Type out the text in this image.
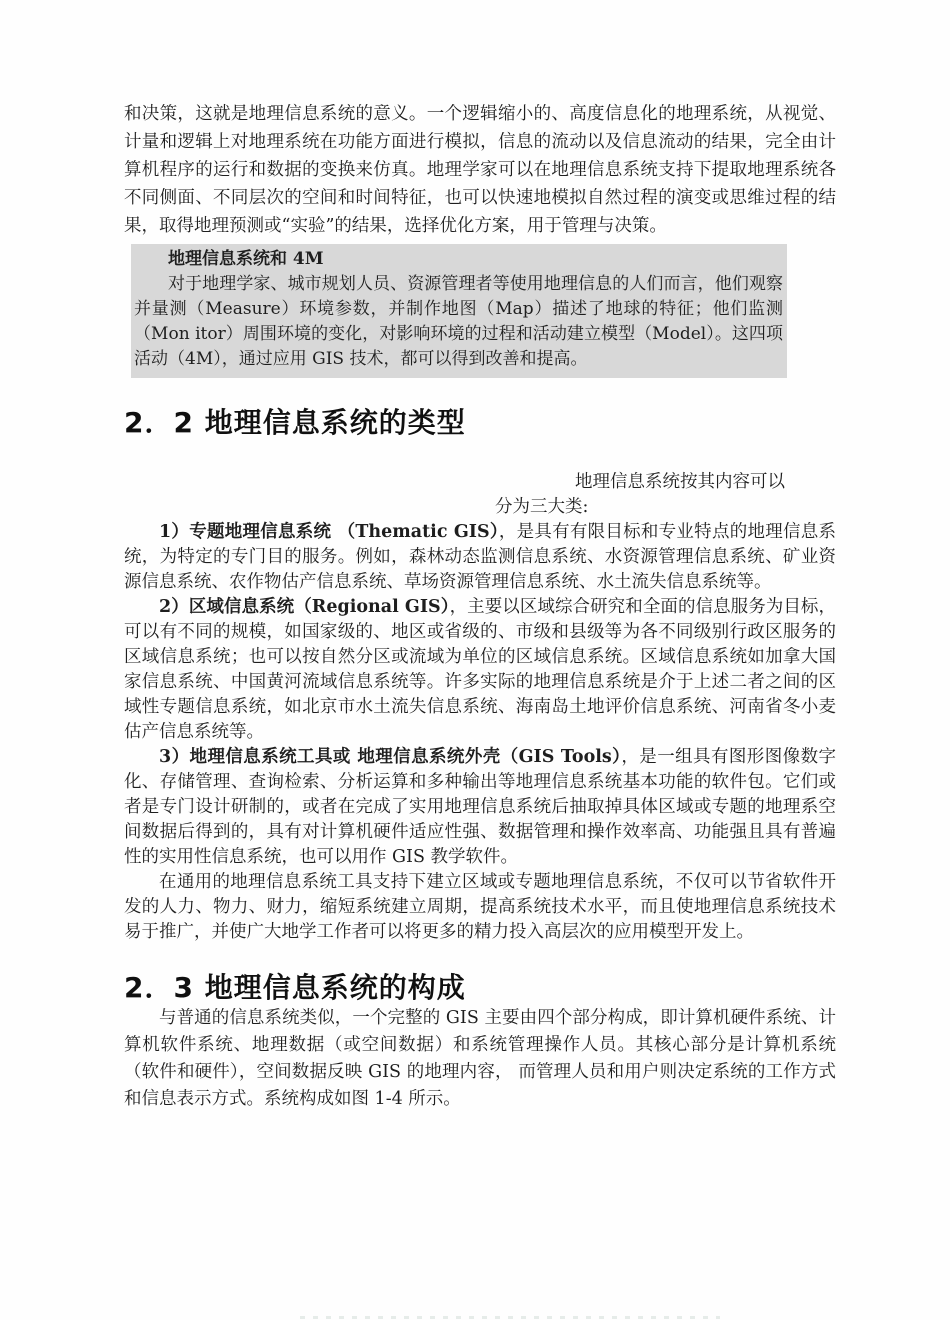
和决策，这就是地理信息系统的意义。一个逻辑缩小的、高度信息化的地理系统，从视觉、计量和逻辑上对地理系统在功能方面进行模拟，信息的流动以及信息流动的结果，完全由计算机程序的运行和数据的变换来仿真。地理学家可以在地理信息系统支持下提取地理系统各不同侧面、不同层次的空间和时间特征，也可以快速地模拟自然过程的演变或思维过程的结果，取得地理预测或“实验”的结果，选择优化方案，用于管理与决策。

地理信息系统和 4M

对于地理学家、城市规划人员、资源管理者等使用地理信息的人们而言，他们观察并量测（Measure）环境参数，并制作地图（Map）描述了地球的特征；他们监测（Mon itor）周围环境的变化，对影响环境的过程和活动建立模型（Model）。这四项活动（4M），通过应用 GIS 技术，都可以得到改善和提高。

2．2 地理信息系统的类型
地理信息系统按其内容可以
分为三大类:

1）专题地理信息系统 （Thematic GIS），是具有有限目标和专业特点的地理信息系统，为特定的专门目的服务。例如，森林动态监测信息系统、水资源管理信息系统、矿业资源信息系统、农作物估产信息系统、草场资源管理信息系统、水土流失信息系统等。

2）区域信息系统（Regional GIS），主要以区域综合研究和全面的信息服务为目标， 可以有不同的规模，如国家级的、地区或省级的、市级和县级等为各不同级别行政区服务的区域信息系统；也可以按自然分区或流域为单位的区域信息系统。区域信息系统如加拿大国家信息系统、中国黄河流域信息系统等。许多实际的地理信息系统是介于上述二者之间的区域性专题信息系统，如北京市水土流失信息系统、海南岛土地评价信息系统、河南省冬小麦估产信息系统等。

3）地理信息系统工具或 地理信息系统外壳（GIS Tools），是一组具有图形图像数字化、存储管理、查询检索、分析运算和多种输出等地理信息系统基本功能的软件包。它们或者是专门设计研制的，或者在完成了实用地理信息系统后抽取掉具体区域或专题的地理系空间数据后得到的，具有对计算机硬件适应性强、数据管理和操作效率高、功能强且具有普遍性的实用性信息系统，也可以用作 GIS 教学软件。

在通用的地理信息系统工具支持下建立区域或专题地理信息系统，不仅可以节省软件开发的人力、物力、财力，缩短系统建立周期，提高系统技术水平，而且使地理信息系统技术易于推广，并使广大地学工作者可以将更多的精力投入高层次的应用模型开发上。

2．3 地理信息系统的构成

与普通的信息系统类似，一个完整的 GIS 主要由四个部分构成，即计算机硬件系统、计算机软件系统、地理数据（或空间数据）和系统管理操作人员。其核心部分是计算机系统（软件和硬件），空间数据反映 GIS 的地理内容， 而管理人员和用户则决定系统的工作方式和信息表示方式。系统构成如图 1-4 所示。
